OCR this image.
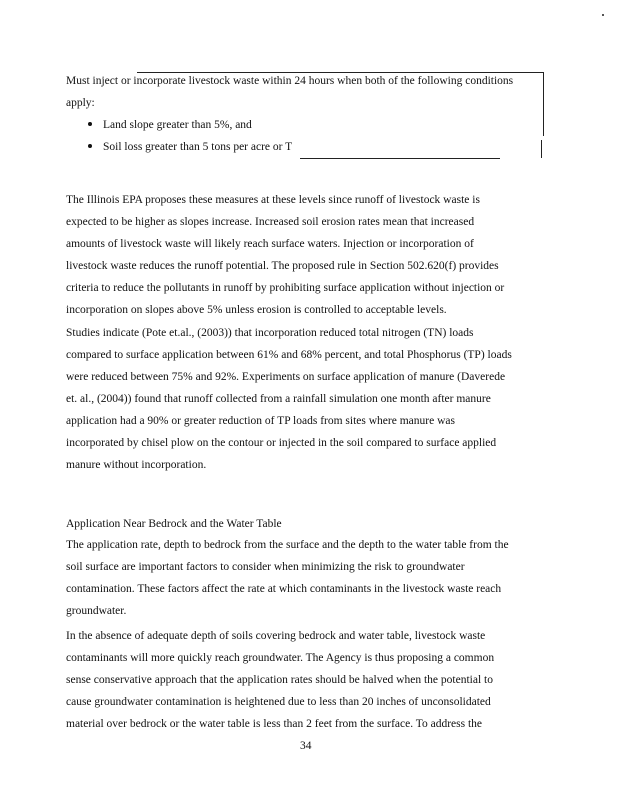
Must inject or incorporate livestock waste within 24 hours when both of the following conditions

apply:

Land slope greater than 5%, and
Soil loss greater than 5 tons per acre or T

The Illinois EPA proposes these measures at these levels since runoff of livestock waste is

expected to be higher as slopes increase. Increased soil erosion rates mean that increased

amounts of livestock waste will likely reach surface waters. Injection or incorporation of

livestock waste reduces the runoff potential. The proposed rule in Section 502.620(f) provides

criteria to reduce the pollutants in runoff by prohibiting surface application without injection or

incorporation on slopes above 5% unless erosion is controlled to acceptable levels.

Studies indicate (Pote et.al., (2003)) that incorporation reduced total nitrogen (TN) loads

compared to surface application between 61% and 68% percent, and total Phosphorus (TP) loads

were reduced between 75% and 92%. Experiments on surface application of manure (Daverede

et. al., (2004)) found that runoff collected from a rainfall simulation one month after manure

application had a 90% or greater reduction of TP loads from sites where manure was

incorporated by chisel plow on the contour or injected in the soil compared to surface applied

manure without incorporation.

Application Near Bedrock and the Water Table

The application rate, depth to bedrock from the surface and the depth to the water table from the

soil surface are important factors to consider when minimizing the risk to groundwater

contamination. These factors affect the rate at which contaminants in the livestock waste reach

groundwater.

In the absence of adequate depth of soils covering bedrock and water table, livestock waste

contaminants will more quickly reach groundwater. The Agency is thus proposing a common

sense conservative approach that the application rates should be halved when the potential to

cause groundwater contamination is heightened due to less than 20 inches of unconsolidated

material over bedrock or the water table is less than 2 feet from the surface. To address the

34
